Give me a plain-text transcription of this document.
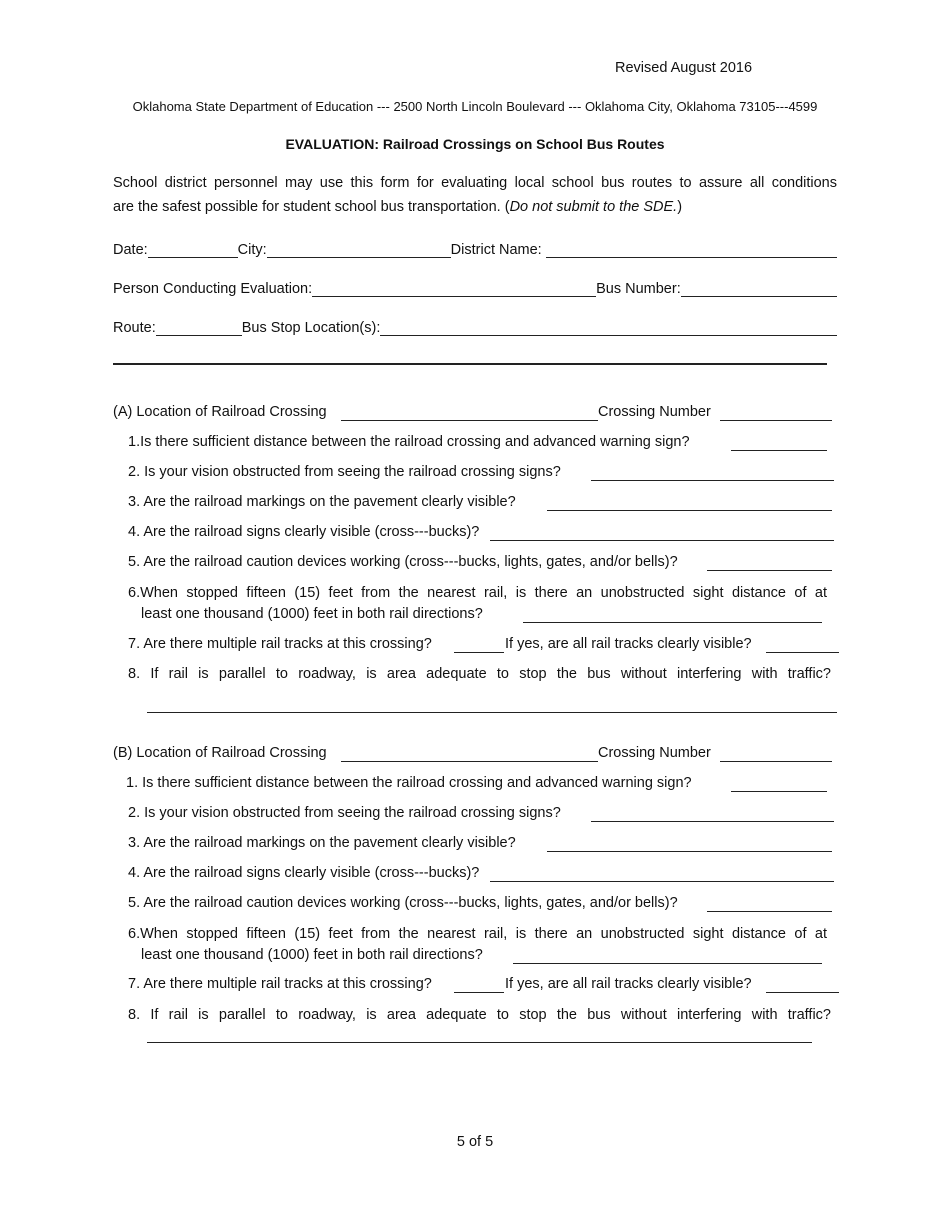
Revised August 2016
Oklahoma State Department of Education --- 2500 North Lincoln Boulevard --- Oklahoma City, Oklahoma 73105---4599
EVALUATION: Railroad Crossings on School Bus Routes
School district personnel may use this form for evaluating local school bus routes to assure all conditions
are the safest possible for student school bus transportation. (Do not submit to the SDE.)
Date:	City:	District Name:
Person Conducting Evaluation:	Bus Number:
Route:	Bus Stop Location(s):
(A) Location of Railroad Crossing	Crossing Number
1.Is there sufficient distance between the railroad crossing and advanced warning sign?
2. Is your vision obstructed from seeing the railroad crossing signs?
3. Are the railroad markings on the pavement clearly visible?
4. Are the railroad signs clearly visible (cross---bucks)?
5. Are the railroad caution devices working (cross---bucks, lights, gates, and/or bells)?
6.When stopped fifteen (15) feet from the nearest rail, is there an unobstructed sight distance of at
least one thousand (1000) feet in both rail directions?
7. Are there multiple rail tracks at this crossing?	If yes, are all rail tracks clearly visible?
8. If rail is parallel to roadway, is area adequate to stop the bus without interfering with traffic?
(B) Location of Railroad Crossing	Crossing Number
1. Is there sufficient distance between the railroad crossing and advanced warning sign?
2. Is your vision obstructed from seeing the railroad crossing signs?
3. Are the railroad markings on the pavement clearly visible?
4. Are the railroad signs clearly visible (cross---bucks)?
5. Are the railroad caution devices working (cross---bucks, lights, gates, and/or bells)?
6.When stopped fifteen (15) feet from the nearest rail, is there an unobstructed sight distance of at
least one thousand (1000) feet in both rail directions?
7. Are there multiple rail tracks at this crossing?	If yes, are all rail tracks clearly visible?
8. If rail is parallel to roadway, is area adequate to stop the bus without interfering with traffic?
5 of 5
